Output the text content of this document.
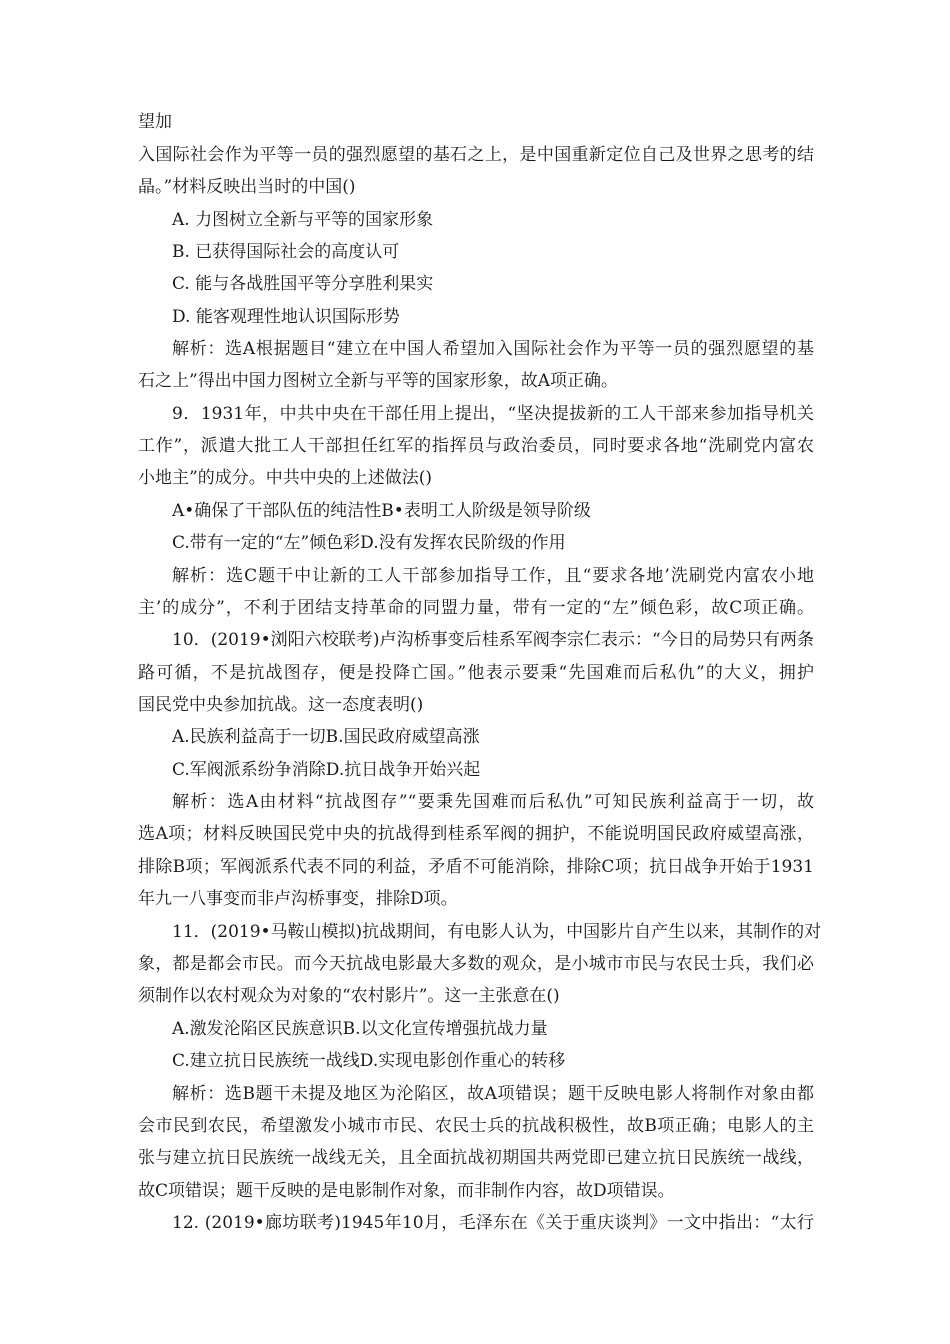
望加
入国际社会作为平等一员的强烈愿望的基石之上，是中国重新定位自己及世界之思考的结
晶。”材料反映出当时的中国()
A. 力图树立全新与平等的国家形象
B. 已获得国际社会的高度认可
C. 能与各战胜国平等分享胜利果实
D. 能客观理性地认识国际形势
解析：选A根据题目“建立在中国人希望加入国际社会作为平等一员的强烈愿望的基
石之上”得出中国力图树立全新与平等的国家形象，故A项正确。
9．1931年，中共中央在干部任用上提出，“坚决提拔新的工人干部来参加指导机关
工作”，派遣大批工人干部担任红军的指挥员与政治委员，同时要求各地“洗刷党内富农
小地主”的成分。中共中央的上述做法()
A•确保了干部队伍的纯洁性B•表明工人阶级是领导阶级
C.带有一定的“左”倾色彩D.没有发挥农民阶级的作用
解析：选C题干中让新的工人干部参加指导工作，且“要求各地’洗刷党内富农小地
主’的成分”，不利于团结支持革命的同盟力量，带有一定的“左”倾色彩，故C项正确。
10．(2019•浏阳六校联考)卢沟桥事变后桂系军阀李宗仁表示：“今日的局势只有两条
路可循，不是抗战图存，便是投降亡国。”他表示要秉“先国难而后私仇”的大义，拥护
国民党中央参加抗战。这一态度表明()
A.民族利益高于一切B.国民政府威望高涨
C.军阀派系纷争消除D.抗日战争开始兴起
解析：选A由材料“抗战图存”“要秉先国难而后私仇”可知民族利益高于一切，故
选A项；材料反映国民党中央的抗战得到桂系军阀的拥护，不能说明国民政府威望高涨，
排除B项；军阀派系代表不同的利益，矛盾不可能消除，排除C项；抗日战争开始于1931
年九一八事变而非卢沟桥事变，排除D项。
11．(2019•马鞍山模拟)抗战期间，有电影人认为，中国影片自产生以来，其制作的对
象，都是都会市民。而今天抗战电影最大多数的观众，是小城市市民与农民士兵，我们必
须制作以农村观众为对象的“农村影片”。这一主张意在()
A.激发沦陷区民族意识B.以文化宣传增强抗战力量
C.建立抗日民族统一战线D.实现电影创作重心的转移
解析：选B题干未提及地区为沦陷区，故A项错误；题干反映电影人将制作对象由都
会市民到农民，希望激发小城市市民、农民士兵的抗战积极性，故B项正确；电影人的主
张与建立抗日民族统一战线无关，且全面抗战初期国共两党即已建立抗日民族统一战线，
故C项错误；题干反映的是电影制作对象，而非制作内容，故D项错误。
12. (2019•廊坊联考)1945年10月，毛泽东在《关于重庆谈判》一文中指出：“太行
